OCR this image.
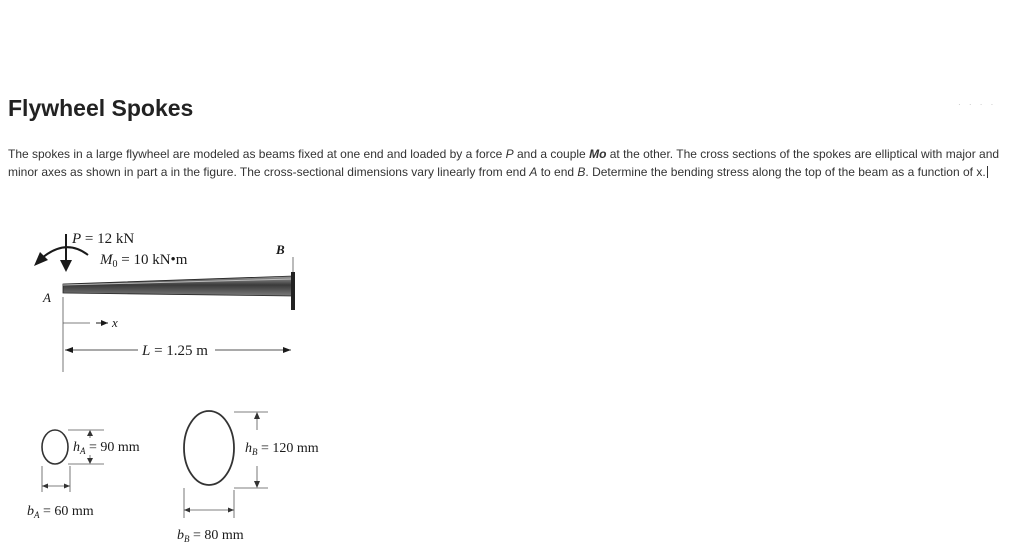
Flywheel Spokes	· · · ·

The spokes in a large flywheel are modeled as beams fixed at one end and loaded by a force P and a couple Mo at the other. The cross sections of the spokes are elliptical with major and minor axes as shown in part a in the figure. The cross-sectional dimensions vary linearly from end A to end B. Determine the bending stress along the top of the beam as a function of x.

P = 12 kN
$M_0 = 10$ kN•m
A
B
x
L = 1.25 m
$h_A = 90$ mm
$b_A = 60$ mm
$h_B = 120$ mm
$b_B = 80$ mm
